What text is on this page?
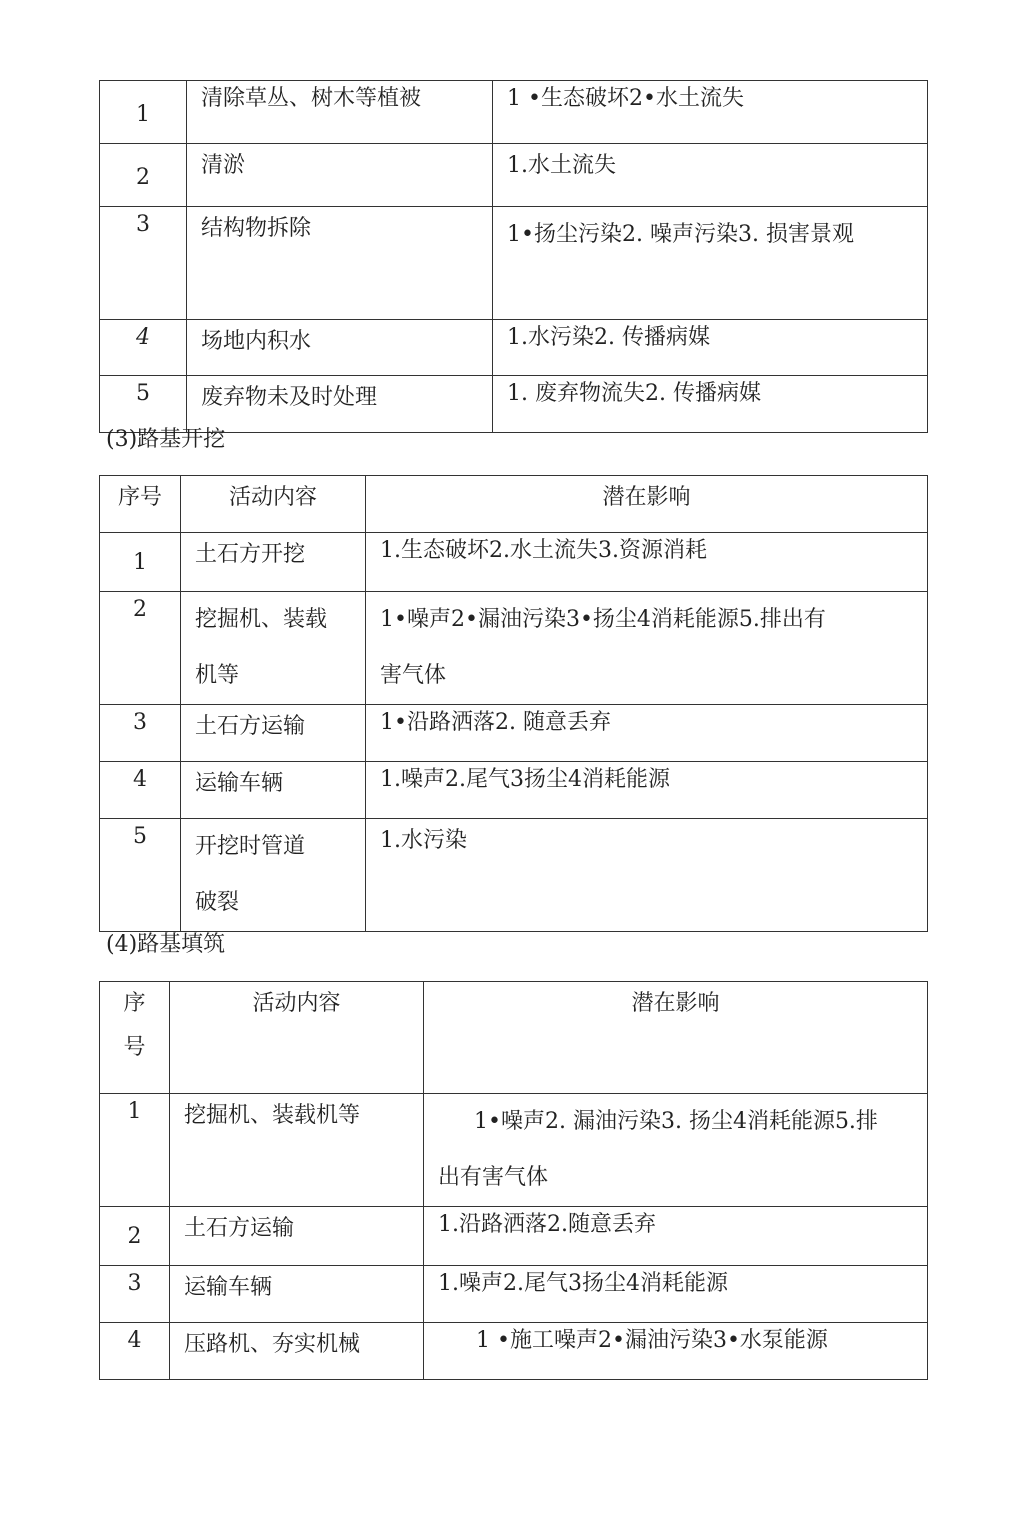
1	清除草丛、树木等植被	1 •生态破坏2•水土流失
2	清淤	1.水土流失
3	结构物拆除	1•扬尘污染2. 噪声污染3. 损害景观
4	场地内积水	1.水污染2. 传播病媒
5	废弃物未及时处理	1. 废弃物流失2. 传播病媒
(3)路基开挖
序号	活动内容	潜在影响
1	土石方开挖	1.生态破坏2.水土流失3.资源消耗
2	挖掘机、装载机等	1•噪声2•漏油污染3•扬尘4消耗能源5.排出有害气体
3	土石方运输	1•沿路洒落2. 随意丢弃
4	运输车辆	1.噪声2.尾气3扬尘4消耗能源
5	开挖时管道破裂	1.水污染
(4)路基填筑
序号	活动内容	潜在影响
1	挖掘机、装载机等	1•噪声2. 漏油污染3. 扬尘4消耗能源5.排出有害气体
2	土石方运输	1.沿路洒落2.随意丢弃
3	运输车辆	1.噪声2.尾气3扬尘4消耗能源
4	压路机、夯实机械	1 •施工噪声2•漏油污染3•水泵能源
